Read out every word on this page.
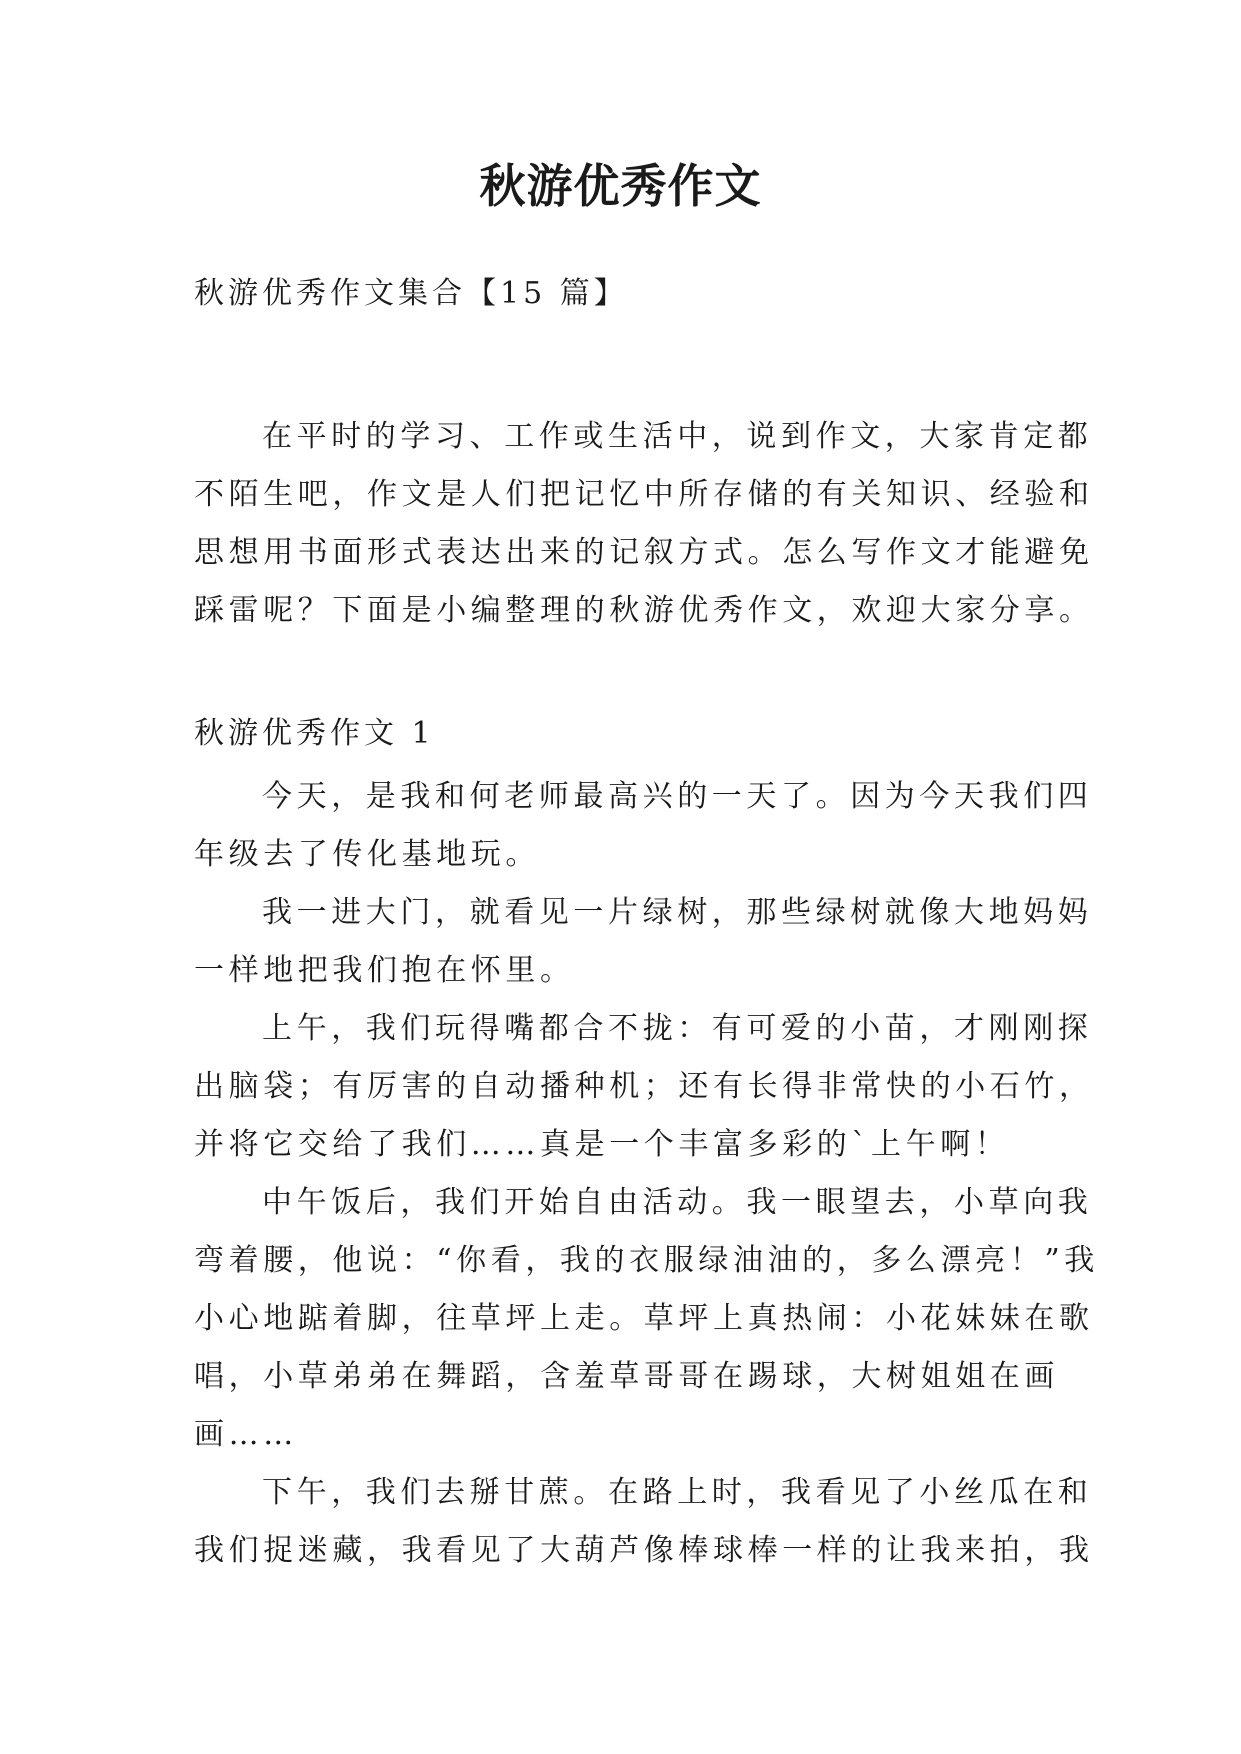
秋游优秀作文

秋游优秀作文集合【15 篇】

在平时的学习、工作或生活中，说到作文，大家肯定都
不陌生吧，作文是人们把记忆中所存储的有关知识、经验和
思想用书面形式表达出来的记叙方式。怎么写作文才能避免
踩雷呢？下面是小编整理的秋游优秀作文，欢迎大家分享。

秋游优秀作文 1

今天，是我和何老师最高兴的一天了。因为今天我们四
年级去了传化基地玩。
我一进大门，就看见一片绿树，那些绿树就像大地妈妈
一样地把我们抱在怀里。
上午，我们玩得嘴都合不拢：有可爱的小苗，才刚刚探
出脑袋；有厉害的自动播种机；还有长得非常快的小石竹，
并将它交给了我们……真是一个丰富多彩的`上午啊！
中午饭后，我们开始自由活动。我一眼望去，小草向我
弯着腰，他说：“你看，我的衣服绿油油的，多么漂亮！”我
小心地踮着脚，往草坪上走。草坪上真热闹：小花妹妹在歌
唱，小草弟弟在舞蹈，含羞草哥哥在踢球，大树姐姐在画
画……
下午，我们去掰甘蔗。在路上时，我看见了小丝瓜在和
我们捉迷藏，我看见了大葫芦像棒球棒一样的让我来拍，我
